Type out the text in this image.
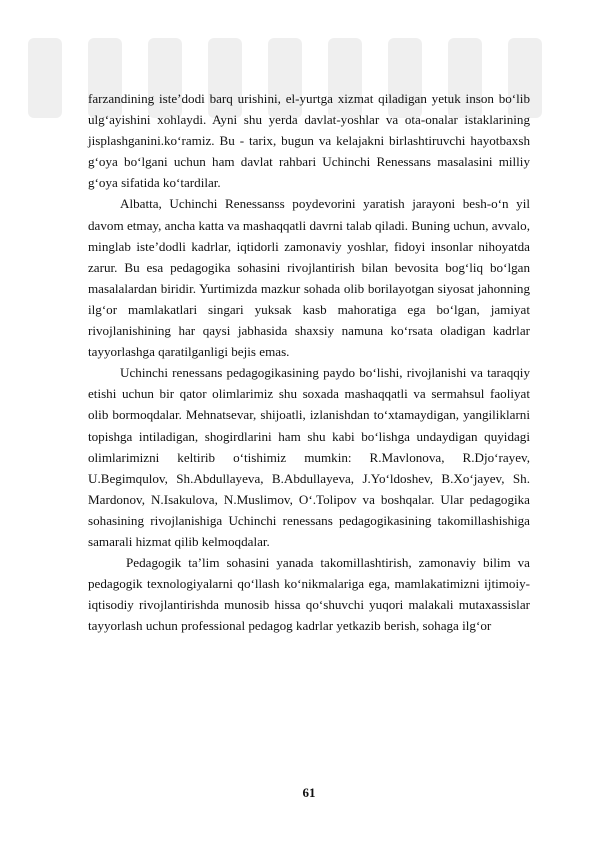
farzandining iste’dodi barq urishini, el-yurtga xizmat qiladigan yetuk inson bo‘lib ulg‘ayishini xohlaydi. Ayni shu yerda davlat-yoshlar va ota-onalar istaklarining jisplashganini.ko‘ramiz. Bu - tarix, bugun va kelajakni birlashtiruvchi hayotbaxsh g‘oya bo‘lgani uchun ham davlat rahbari Uchinchi Renessans masalasini milliy g‘oya sifatida ko‘tardilar.

Albatta, Uchinchi Renessanss poydevorini yaratish jarayoni besh-o‘n yil davom etmay, ancha katta va mashaqqatli davrni talab qiladi. Buning uchun, avvalo, minglab iste’dodli kadrlar, iqtidorli zamonaviy yoshlar, fidoyi insonlar nihoyatda zarur. Bu esa pedagogika sohasini rivojlantirish bilan bevosita bog‘liq bo‘lgan masalalardan biridir. Yurtimizda mazkur sohada olib borilayotgan siyosat jahonning ilg‘or mamlakatlari singari yuksak kasb mahoratiga ega bo‘lgan, jamiyat rivojlanishining har qaysi jabhasida shaxsiy namuna ko‘rsata oladigan kadrlar tayyorlashga qaratilganligi bejis emas.

Uchinchi renessans pedagogikasining paydo bo‘lishi, rivojlanishi va taraqqiy etishi uchun bir qator olimlarimiz shu soxada mashaqqatli va sermahsul faoliyat olib bormoqdalar. Mehnatsevar, shijoatli, izlanishdan to‘xtamaydigan, yangiliklarni topishga intiladigan, shogirdlarini ham shu kabi bo‘lishga undaydigan quyidagi olimlarimizni keltirib o‘tishimiz mumkin: R.Mavlonova, R.Djo‘rayev, U.Begimqulov, Sh.Abdullayeva, B.Abdullayeva, J.Yo‘ldoshev, B.Xo‘jayev, Sh. Mardonov, N.Isakulova, N.Muslimov, O‘.Tolipov va boshqalar. Ular pedagogika sohasining rivojlanishiga Uchinchi renessans pedagogikasining takomillashishiga samarali hizmat qilib kelmoqdalar.

Pedagogik ta’lim sohasini yanada takomillashtirish, zamonaviy bilim va pedagogik texnologiyalarni qo‘llash ko‘nikmalariga ega, mamlakatimizni ijtimoiy-iqtisodiy rivojlantirishda munosib hissa qo‘shuvchi yuqori malakali mutaxassislar tayyorlash uchun professional pedagog kadrlar yetkazib berish, sohaga ilg‘or

61
